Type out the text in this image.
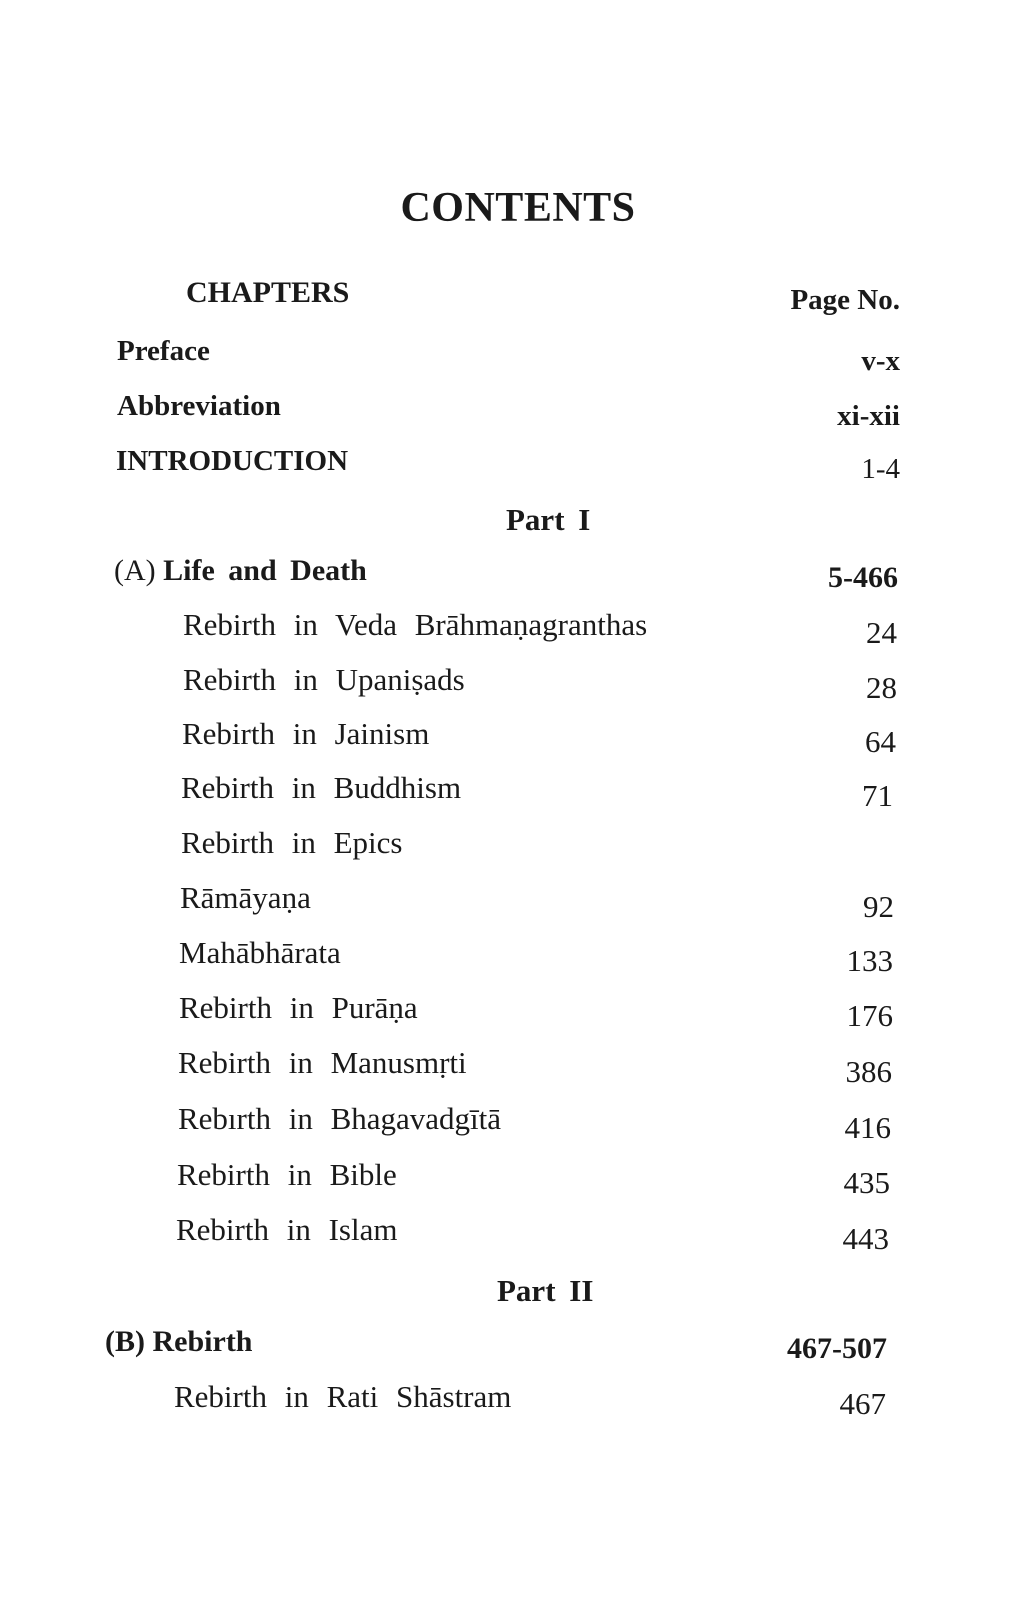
CONTENTS
CHAPTERS	Page No.
Preface	v-x
Abbreviation	xi-xii
INTRODUCTION	1-4
Part I
(A) Life and Death	5-466
Rebirth in Veda Brāhmaṇagranthas	24
Rebirth in Upaniṣads	28
Rebirth in Jainism	64
Rebirth in Buddhism	71
Rebirth in Epics
Rāmāyaṇa	92
Mahābhārata	133
Rebirth in Purāṇa	176
Rebirth in Manusmṛti	386
Rebırth in Bhagavadgītā	416
Rebirth in Bible	435
Rebirth in Islam	443
Part II
(B) Rebirth	467-507
Rebirth in Rati Shāstram	467
